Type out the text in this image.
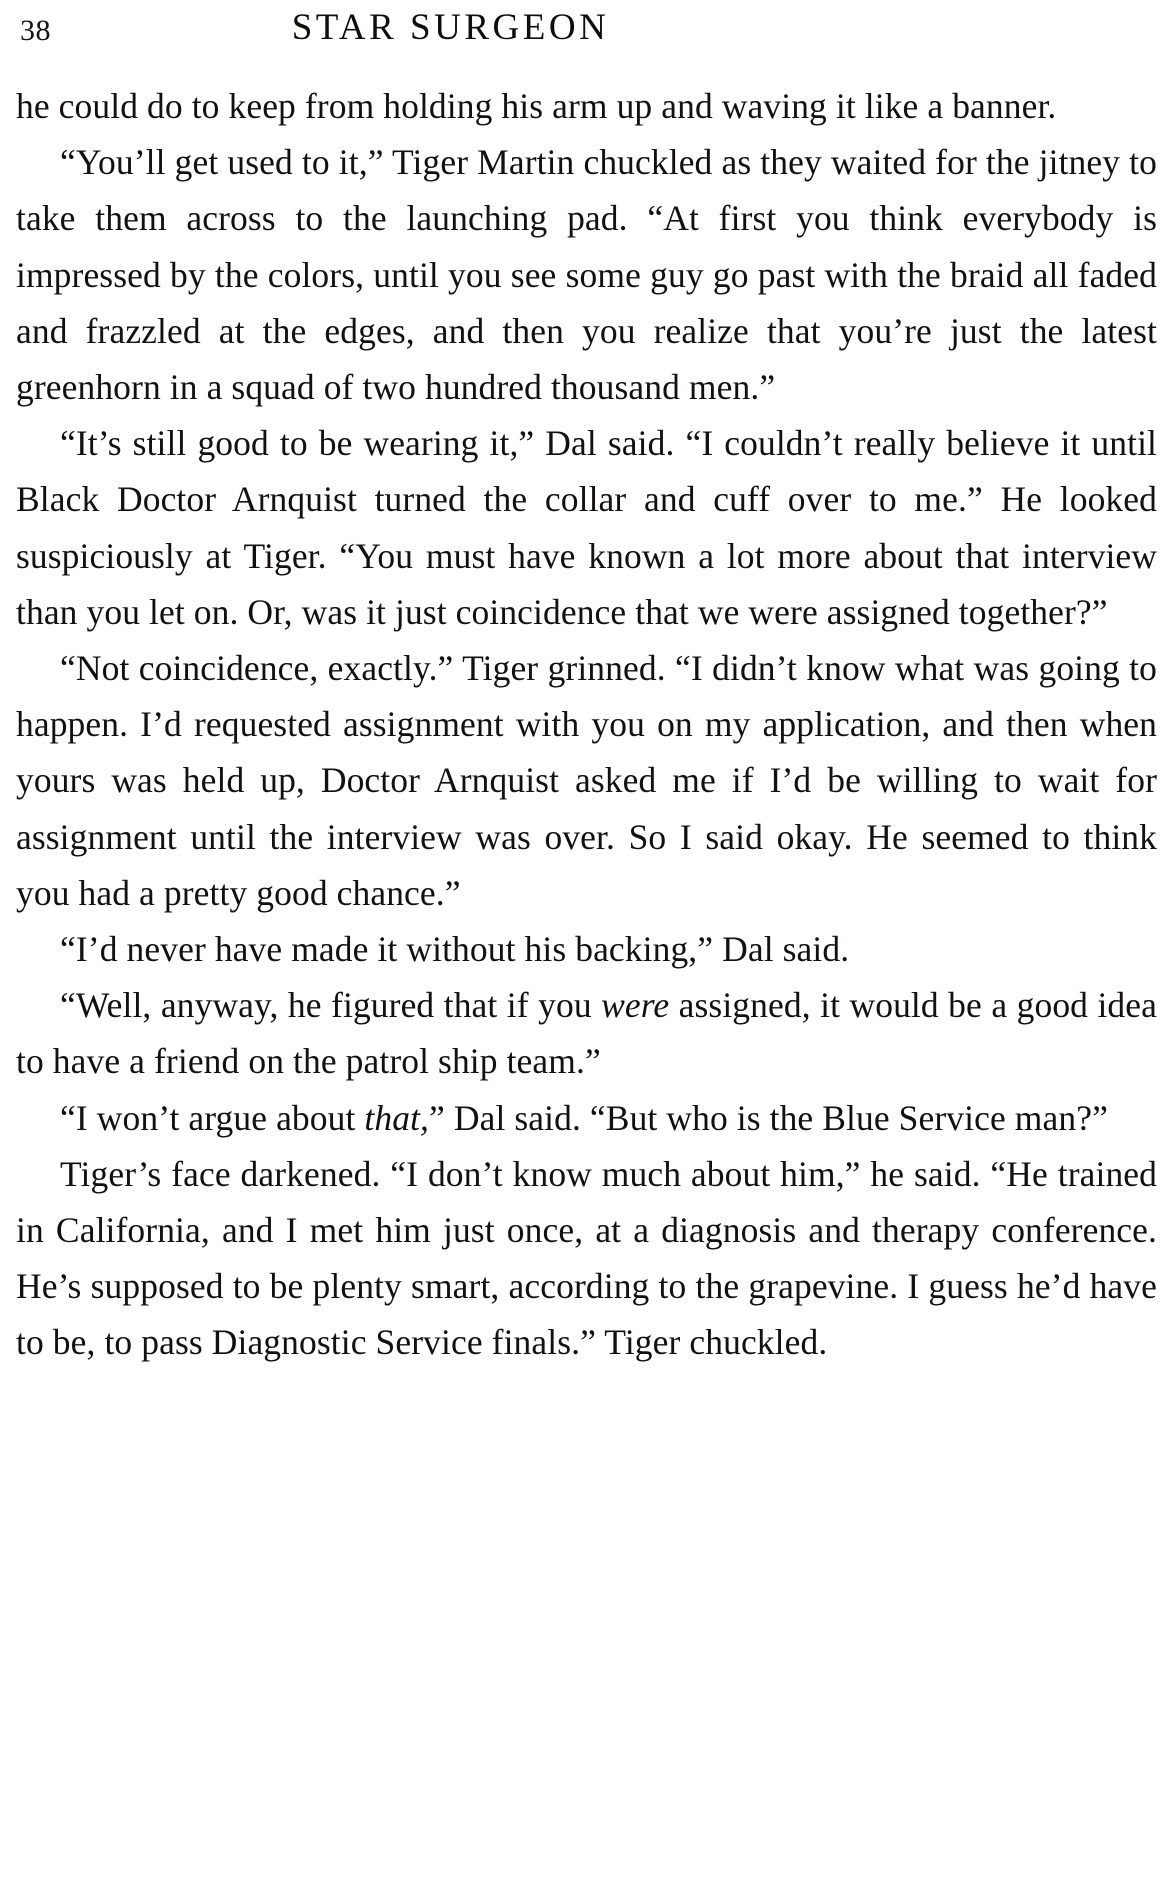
38	STAR SURGEON

he could do to keep from holding his arm up and waving it like a banner.

“You’ll get used to it,” Tiger Martin chuckled as they waited for the jitney to take them across to the launching pad. “At first you think everybody is impressed by the colors, until you see some guy go past with the braid all faded and frazzled at the edges, and then you realize that you’re just the latest greenhorn in a squad of two hundred thousand men.”

“It’s still good to be wearing it,” Dal said. “I couldn’t really believe it until Black Doctor Arnquist turned the collar and cuff over to me.” He looked suspiciously at Tiger. “You must have known a lot more about that interview than you let on. Or, was it just coincidence that we were assigned together?”

“Not coincidence, exactly.” Tiger grinned. “I didn’t know what was going to happen. I’d requested assignment with you on my application, and then when yours was held up, Doctor Arnquist asked me if I’d be willing to wait for assignment until the interview was over. So I said okay. He seemed to think you had a pretty good chance.”

“I’d never have made it without his backing,” Dal said.

“Well, anyway, he figured that if you were assigned, it would be a good idea to have a friend on the patrol ship team.”

“I won’t argue about that,” Dal said. “But who is the Blue Service man?”

Tiger’s face darkened. “I don’t know much about him,” he said. “He trained in California, and I met him just once, at a diagnosis and therapy conference. He’s supposed to be plenty smart, according to the grapevine. I guess he’d have to be, to pass Diagnostic Service finals.” Tiger chuckled.
